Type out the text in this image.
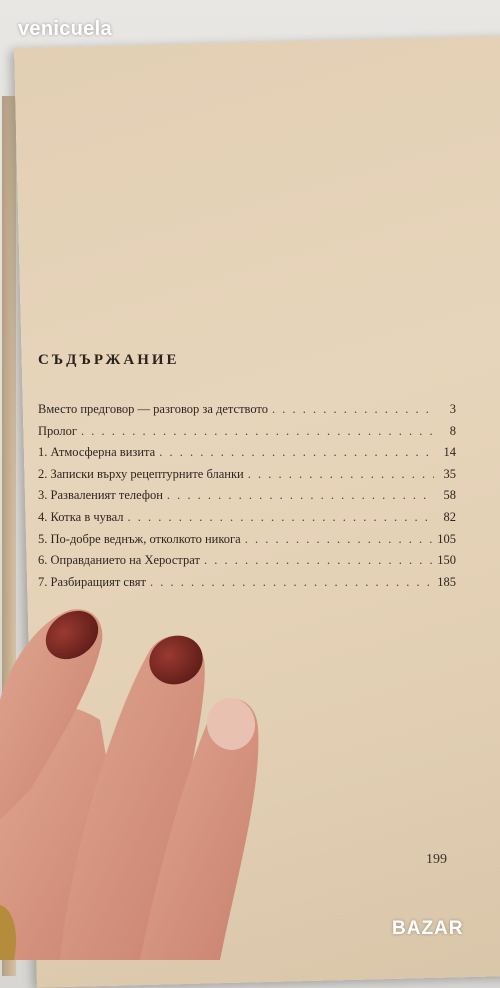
venicuela
СЪДЪРЖАНИЕ
Вместо предговор — разговор за детството . . .	3
Пролог . . .	8
1. Атмосферна визита . . .	14
2. Записки върху рецептурните бланки . . .	35
3. Развaленият телефон . . .	58
4. Котка в чувал . . .	82
5. По-добре веднъж, отколкото никога . . .	105
6. Оправданието на Херострат . . .	150
7. Разбиращият свят . . .	185
199
BAZAR
